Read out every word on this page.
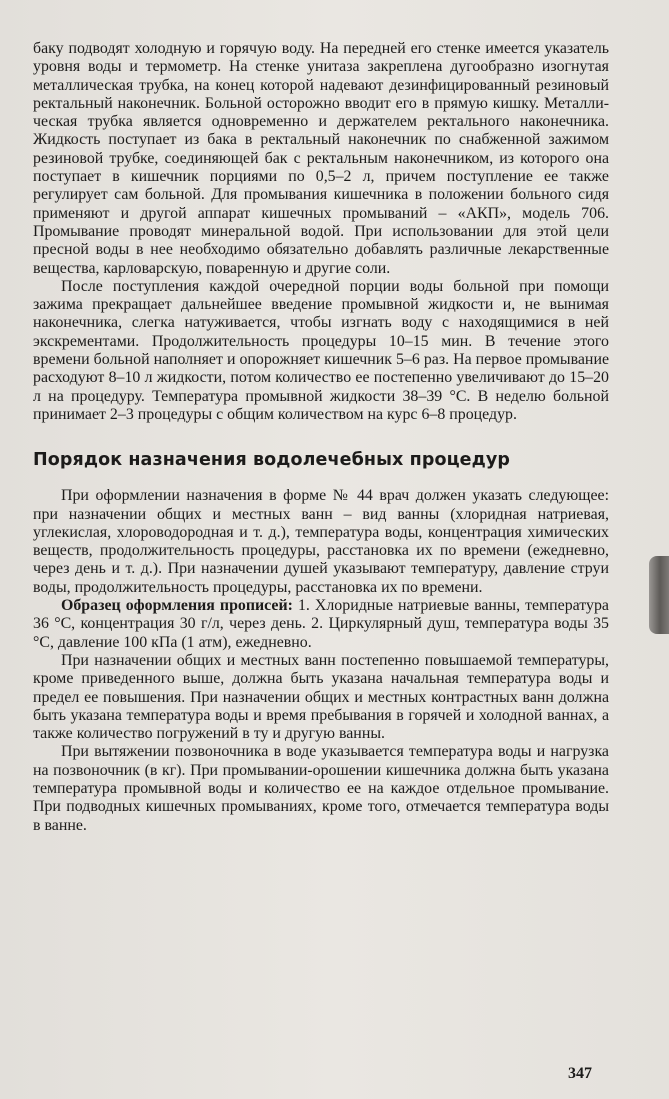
баку подводят холодную и горячую воду. На передней его стенке имеется указатель уровня воды и термометр. На стенке унитаза закреплена дугообразно изогнутая металлическая трубка, на конец которой надевают дезинфицированный резиновый ректальный наконечник. Больной осторожно вводит его в прямую кишку. Металлическая трубка является одновременно и держателем ректального наконечника. Жидкость поступает из бака в ректальный наконечник по снабженной зажимом резиновой трубке, соединяющей бак с ректальным наконечником, из которого она поступает в кишечник порциями по 0,5–2 л, причем поступление ее также регулирует сам больной. Для промывания кишечника в положении больного сидя применяют и другой аппарат кишечных промываний – «АКП», модель 706. Промывание проводят минеральной водой. При использовании для этой цели пресной воды в нее необходимо обязательно добавлять различные лекарственные вещества, карловарскую, поваренную и другие соли.

После поступления каждой очередной порции воды больной при помощи зажима прекращает дальнейшее введение промывной жидкости и, не вынимая наконечника, слегка натуживается, чтобы изгнать воду с находящимися в ней экскрементами. Продолжительность процедуры 10–15 мин. В течение этого времени больной наполняет и опорожняет кишечник 5–6 раз. На первое промывание расходуют 8–10 л жидкости, потом количество ее постепенно увеличивают до 15–20 л на процедуру. Температура промывной жидкости 38–39 °С. В неделю больной принимает 2–3 процедуры с общим количеством на курс 6–8 процедур.

Порядок назначения водолечебных процедур

При оформлении назначения в форме № 44 врач должен указать следующее: при назначении общих и местных ванн – вид ванны (хлоридная натриевая, углекислая, хлороводородная и т. д.), температура воды, концентрация химических веществ, продолжительность процедуры, расстановка их по времени (ежедневно, через день и т. д.). При назначении душей указывают температуру, давление струи воды, продолжительность процедуры, расстановка их по времени.

Образец оформления прописей: 1. Хлоридные натриевые ванны, температура 36 °С, концентрация 30 г/л, через день. 2. Циркулярный душ, температура воды 35 °С, давление 100 кПа (1 атм), ежедневно.

При назначении общих и местных ванн постепенно повышаемой температуры, кроме приведенного выше, должна быть указана начальная температура воды и предел ее повышения. При назначении общих и местных контрастных ванн должна быть указана температура воды и время пребывания в горячей и холодной ваннах, а также количество погружений в ту и другую ванны.

При вытяжении позвоночника в воде указывается температура воды и нагрузка на позвоночник (в кг). При промывании-орошении кишечника должна быть указана температура промывной воды и количество ее на каждое отдельное промывание. При подводных кишечных промываниях, кроме того, отмечается температура воды в ванне.

347
